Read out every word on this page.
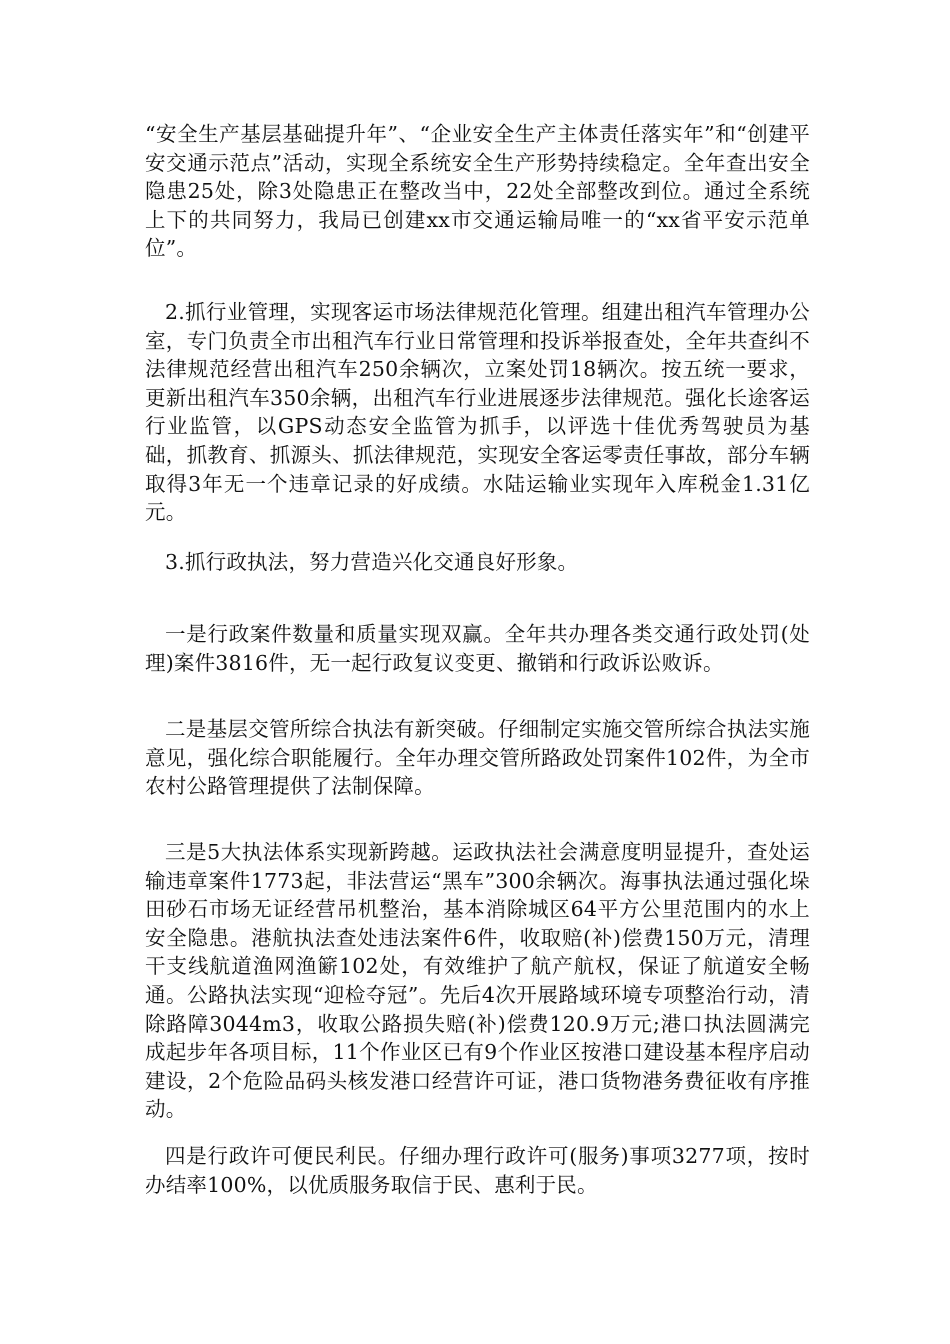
“安全生产基层基础提升年”、“企业安全生产主体责任落实年”和“创建平安交通示范点”活动，实现全系统安全生产形势持续稳定。全年查出安全隐患25处，除3处隐患正在整改当中，22处全部整改到位。通过全系统上下的共同努力，我局已创建xx市交通运输局唯一的“xx省平安示范单位”。

2.抓行业管理，实现客运市场法律规范化管理。组建出租汽车管理办公室，专门负责全市出租汽车行业日常管理和投诉举报查处，全年共查纠不法律规范经营出租汽车250余辆次，立案处罚18辆次。按五统一要求，更新出租汽车350余辆，出租汽车行业进展逐步法律规范。强化长途客运行业监管，以GPS动态安全监管为抓手，以评选十佳优秀驾驶员为基础，抓教育、抓源头、抓法律规范，实现安全客运零责任事故，部分车辆取得3年无一个违章记录的好成绩。水陆运输业实现年入库税金1.31亿元。

3.抓行政执法，努力营造兴化交通良好形象。

一是行政案件数量和质量实现双赢。全年共办理各类交通行政处罚(处理)案件3816件，无一起行政复议变更、撤销和行政诉讼败诉。

二是基层交管所综合执法有新突破。仔细制定实施交管所综合执法实施意见，强化综合职能履行。全年办理交管所路政处罚案件102件，为全市农村公路管理提供了法制保障。

三是5大执法体系实现新跨越。运政执法社会满意度明显提升，查处运输违章案件1773起，非法营运“黑车”300余辆次。海事执法通过强化垛田砂石市场无证经营吊机整治，基本消除城区64平方公里范围内的水上安全隐患。港航执法查处违法案件6件，收取赔(补)偿费150万元，清理干支线航道渔网渔簖102处，有效维护了航产航权，保证了航道安全畅通。公路执法实现“迎检夺冠”。先后4次开展路域环境专项整治行动，清除路障3044m3，收取公路损失赔(补)偿费120.9万元;港口执法圆满完成起步年各项目标，11个作业区已有9个作业区按港口建设基本程序启动建设，2个危险品码头核发港口经营许可证，港口货物港务费征收有序推动。

四是行政许可便民利民。仔细办理行政许可(服务)事项3277项，按时办结率100%，以优质服务取信于民、惠利于民。
